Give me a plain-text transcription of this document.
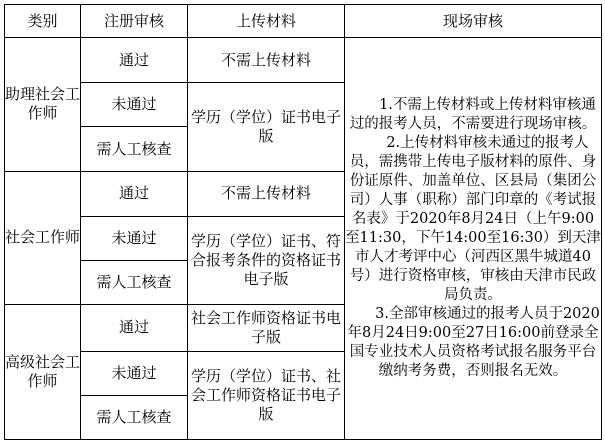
类别	注册审核	上传材料	现场审核
助理社会工作师	通过	不需上传材料	1.不需上传材料或上传材料审核通过的报考人员，不需要进行现场审核。

2.上传材料审核未通过的报考人员，需携带上传电子版材料的原件、身份证原件、加盖单位、区县局（集团公司）人事（职称）部门印章的《考试报名表》于2020年8月24日（上午9:00至11:30，下午14:00至16:30）到天津市人才考评中心（河西区黑牛城道40号）进行资格审核，审核由天津市民政局负责。

3.全部审核通过的报考人员于2020年8月24日9:00至27日16:00前登录全国专业技术人员资格考试报名服务平台缴纳考务费，否则报名无效。

	未通过	学历（学位）证书电子版	
	需人工核查		
社会工作师	通过	不需上传材料	
	未通过	学历（学位）证书、符合报考条件的资格证书电子版	
	需人工核查		
高级社会工作师	通过	社会工作师资格证书电子版	
	未通过	学历（学位）证书、社会工作师资格证书电子版	
	需人工核查		
